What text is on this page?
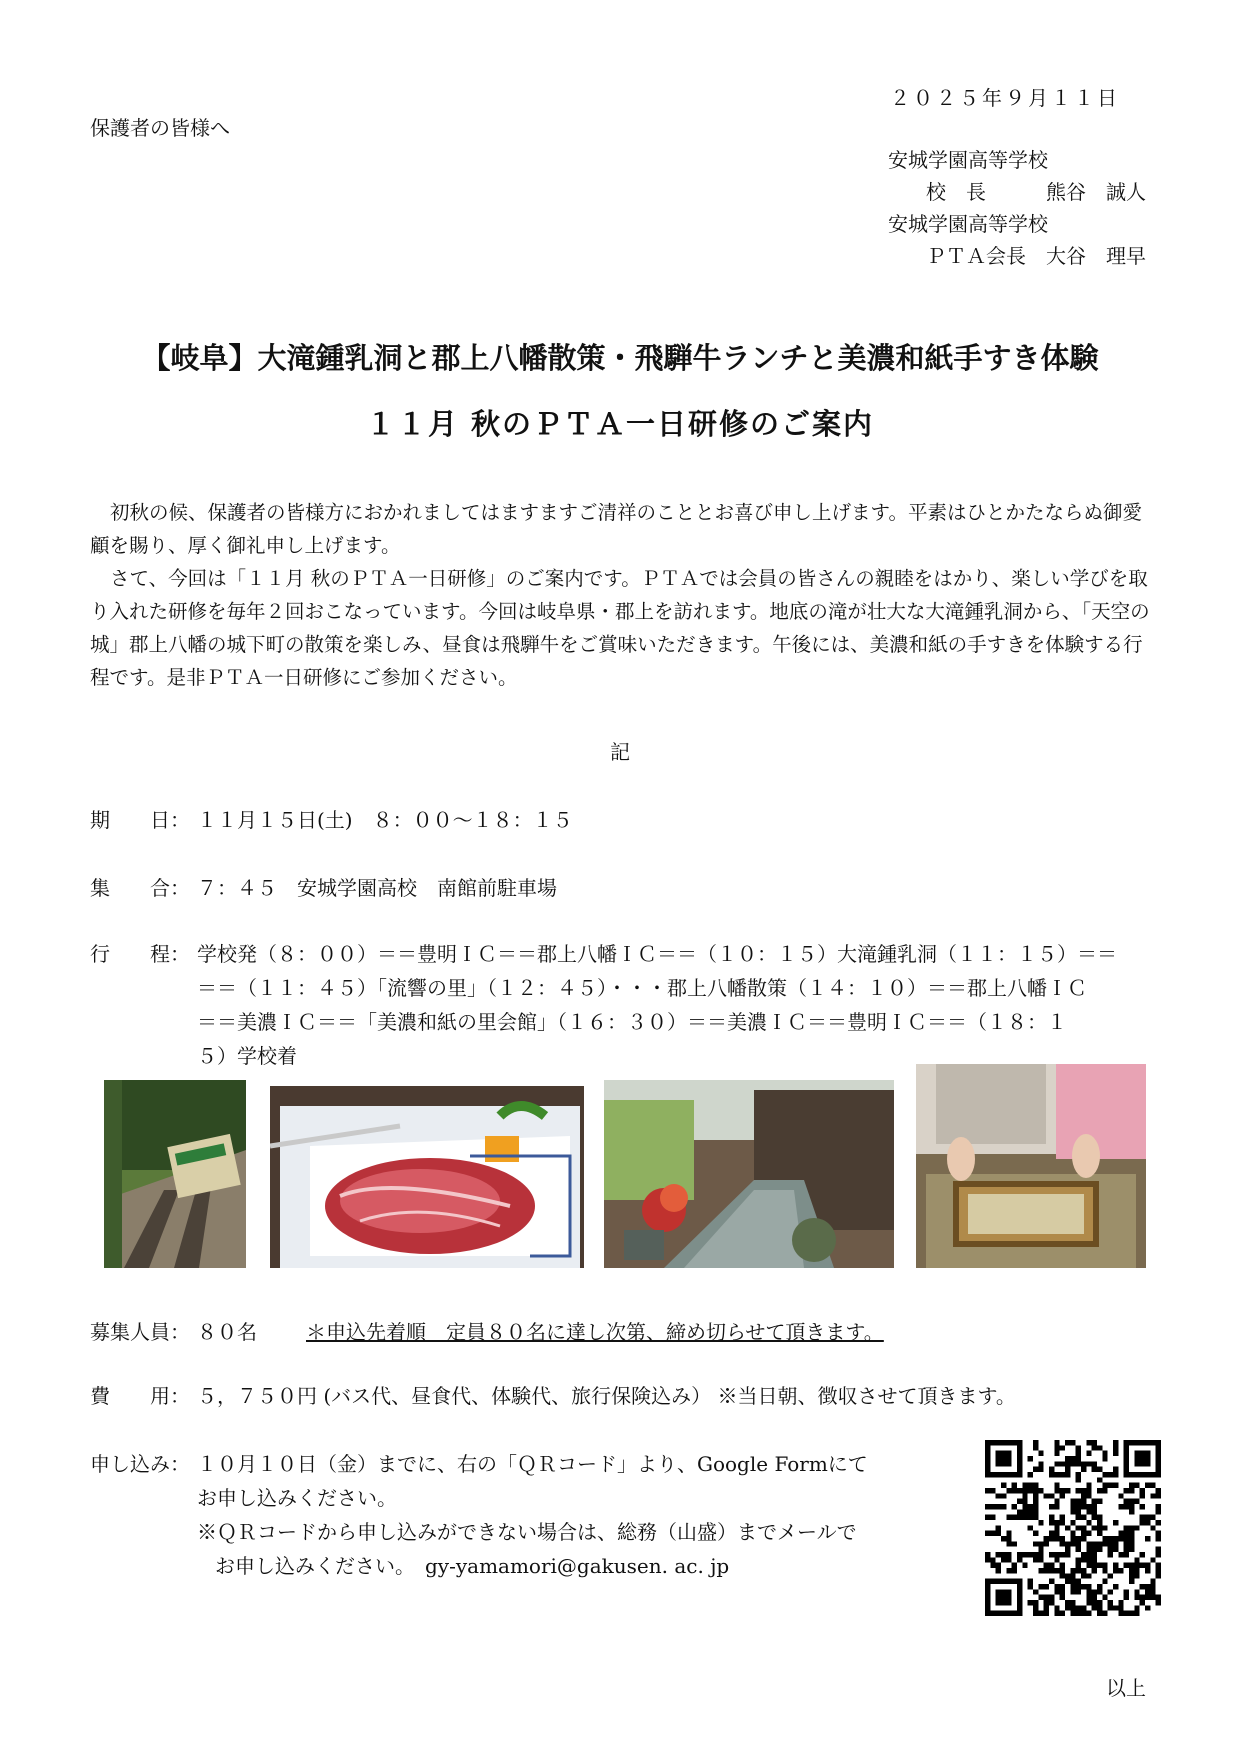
２０２５年９月１１日
保護者の皆様へ
安城学園高等学校
校　長　　　熊谷　誠人
安城学園高等学校
ＰＴＡ会長　大谷　理早
【岐阜】大滝鍾乳洞と郡上八幡散策・飛騨牛ランチと美濃和紙手すき体験
１１月 秋のＰＴＡ一日研修のご案内
初秋の候、保護者の皆様方におかれましてはますますご清祥のこととお喜び申し上げます。平素はひとかたならぬ御愛顧を賜り、厚く御礼申し上げます。
さて、今回は「１１月 秋のＰＴＡ一日研修」のご案内です。ＰＴＡでは会員の皆さんの親睦をはかり、楽しい学びを取り入れた研修を毎年２回おこなっています。今回は岐阜県・郡上を訪れます。地底の滝が壮大な大滝鍾乳洞から、「天空の城」郡上八幡の城下町の散策を楽しみ、昼食は飛騨牛をご賞味いただきます。午後には、美濃和紙の手すきを体験する行程です。是非ＰＴＡ一日研修にご参加ください。
記
期　　日： １１月１５日(土)　８：００〜１８：１５
集　　合： ７：４５　安城学園高校　南館前駐車場
行　　程： 学校発（８：００）＝＝豊明ＩＣ＝＝郡上八幡ＩＣ＝＝（１０：１５）大滝鍾乳洞（１１：１５）＝＝
＝＝（１１：４５）「流響の里」（１２：４５）・・・郡上八幡散策（１４：１０）＝＝郡上八幡ＩＣ
＝＝美濃ＩＣ＝＝「美濃和紙の里会館」（１６：３０）＝＝美濃ＩＣ＝＝豊明ＩＣ＝＝（１８：１
５）学校着
募集人員： ８０名 ＊申込先着順　定員８０名に達し次第、締め切らせて頂きます。
費　　用： ５，７５０円 (バス代、昼食代、体験代、旅行保険込み） ※当日朝、徴収させて頂きます。
申し込み： １０月１０日（金）までに、右の「ＱＲコード」より、Google Formにて
お申し込みください。
※ＱＲコードから申し込みができない場合は、総務（山盛）までメールで
お申し込みください。　gy-yamamori@gakusen. ac. jp
以上
